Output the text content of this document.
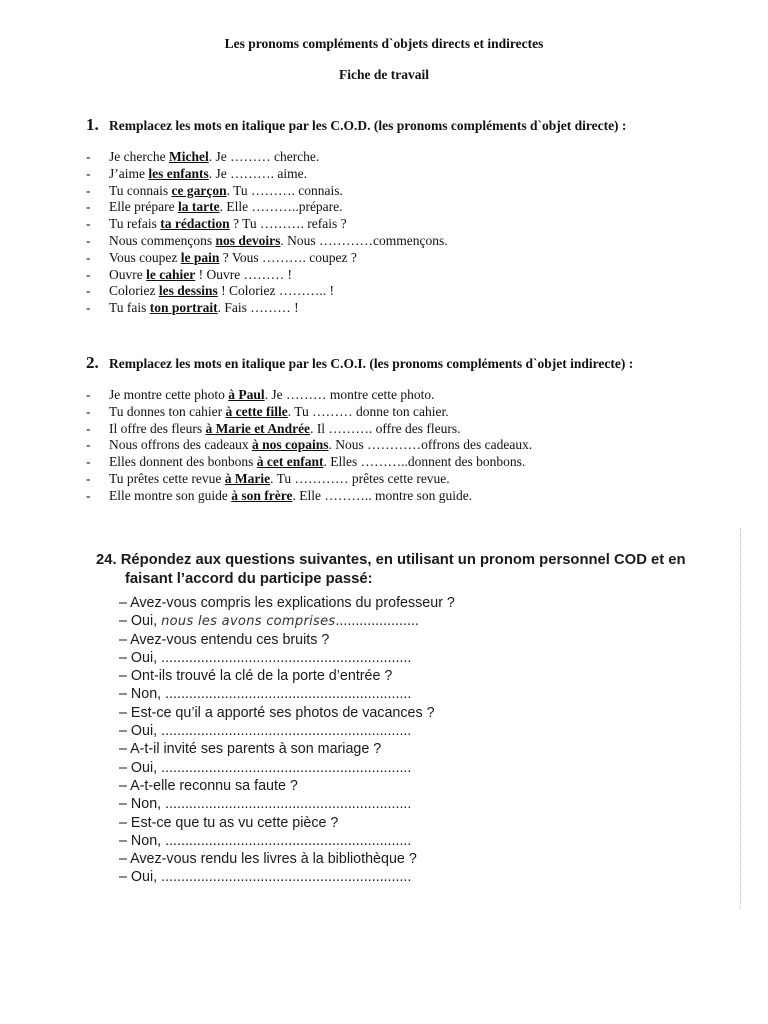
Les pronoms compléments d`objets directs et indirectes
Fiche de travail
1. Remplacez les mots en italique par les C.O.D. (les pronoms compléments d`objet directe) :
- Je cherche Michel. Je ……… cherche.
- J’aime les enfants. Je ………. aime.
- Tu connais ce garçon. Tu ………. connais.
- Elle prépare la tarte. Elle ………..prépare.
- Tu refais ta rédaction ? Tu ………. refais ?
- Nous commençons nos devoirs. Nous …………commençons.
- Vous coupez le pain ? Vous ………. coupez ?
- Ouvre le cahier ! Ouvre ……… !
- Coloriez les dessins ! Coloriez ……….. !
- Tu fais ton portrait. Fais ……… !
2. Remplacez les mots en italique par les C.O.I. (les pronoms compléments d`objet indirecte) :
- Je montre cette photo à Paul. Je ……… montre cette photo.
- Tu donnes ton cahier à cette fille. Tu ……… donne ton cahier.
- Il offre des fleurs à Marie et Andrée. Il ………. offre des fleurs.
- Nous offrons des cadeaux à nos copains. Nous …………offrons des cadeaux.
- Elles donnent des bonbons à cet enfant. Elles ………..donnent des bonbons.
- Tu prêtes cette revue à Marie. Tu ………… prêtes cette revue.
- Elle montre son guide à son frère. Elle ……….. montre son guide.
24. Répondez aux questions suivantes, en utilisant un pronom personnel COD et en
faisant l’accord du participe passé:
– Avez-vous compris les explications du professeur ?
– Oui, nous les avons comprises.....................
– Avez-vous entendu ces bruits ?
– Oui, ...............................................................
– Ont-ils trouvé la clé de la porte d’entrée ?
– Non, ..............................................................
– Est-ce qu’il a apporté ses photos de vacances ?
– Oui, ...............................................................
– A-t-il invité ses parents à son mariage ?
– Oui, ...............................................................
– A-t-elle reconnu sa faute ?
– Non, ..............................................................
– Est-ce que tu as vu cette pièce ?
– Non, ..............................................................
– Avez-vous rendu les livres à la bibliothèque ?
– Oui, ...............................................................
